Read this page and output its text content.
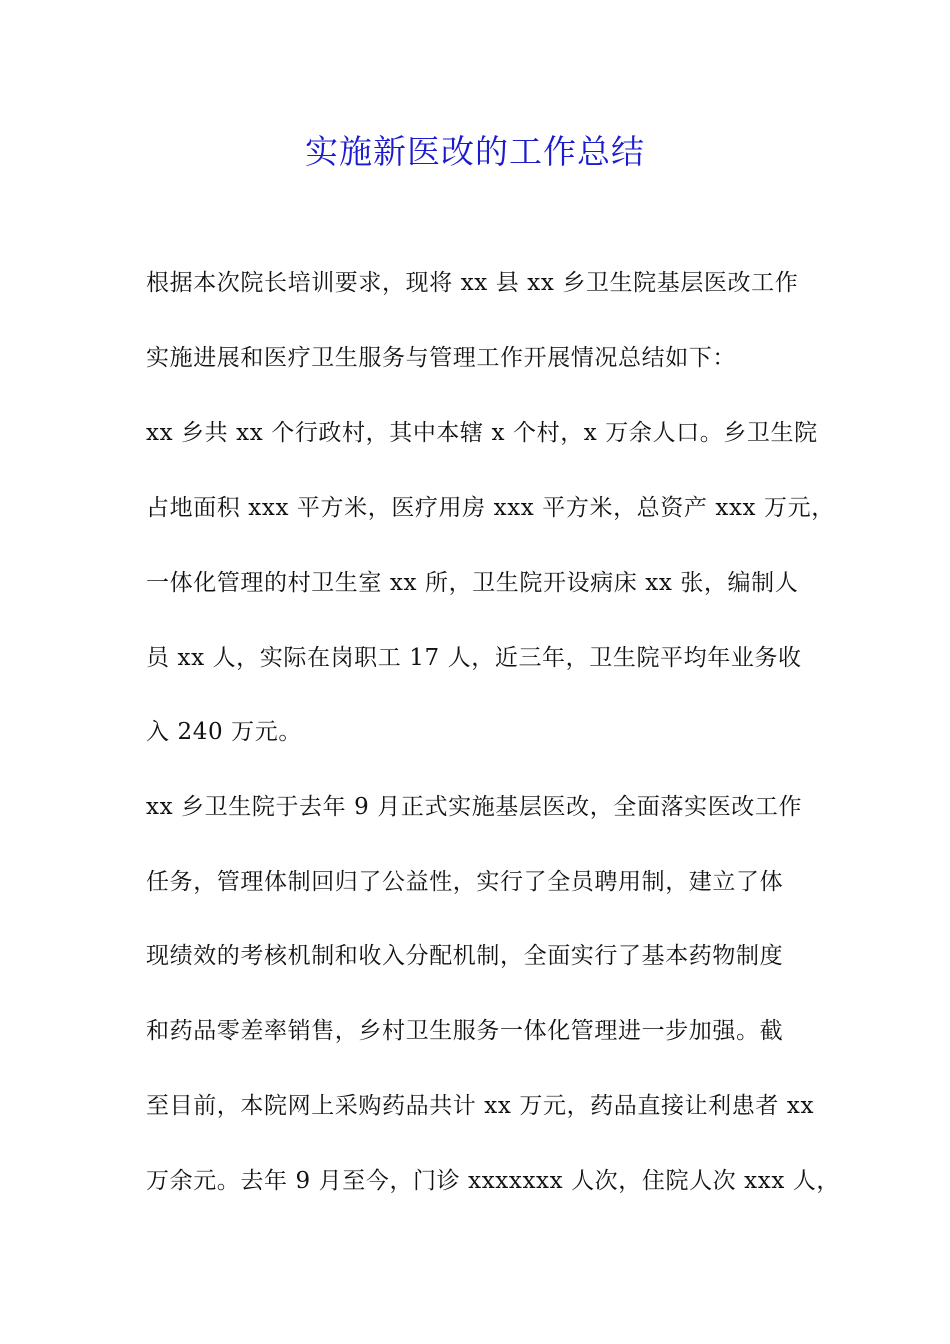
实施新医改的工作总结
根据本次院长培训要求，现将 xx 县 xx 乡卫生院基层医改工作
实施进展和医疗卫生服务与管理工作开展情况总结如下：
xx 乡共 xx 个行政村，其中本辖 x 个村，x 万余人口。乡卫生院
占地面积 xxx 平方米，医疗用房 xxx 平方米，总资产 xxx 万元，
一体化管理的村卫生室 xx 所，卫生院开设病床 xx 张，编制人
员 xx 人，实际在岗职工 17 人，近三年，卫生院平均年业务收
入 240 万元。
xx 乡卫生院于去年 9 月正式实施基层医改，全面落实医改工作
任务，管理体制回归了公益性，实行了全员聘用制，建立了体
现绩效的考核机制和收入分配机制，全面实行了基本药物制度
和药品零差率销售，乡村卫生服务一体化管理进一步加强。截
至目前，本院网上采购药品共计 xx 万元，药品直接让利患者 xx
万余元。去年 9 月至今，门诊 xxxxxxx 人次，住院人次 xxx 人，
